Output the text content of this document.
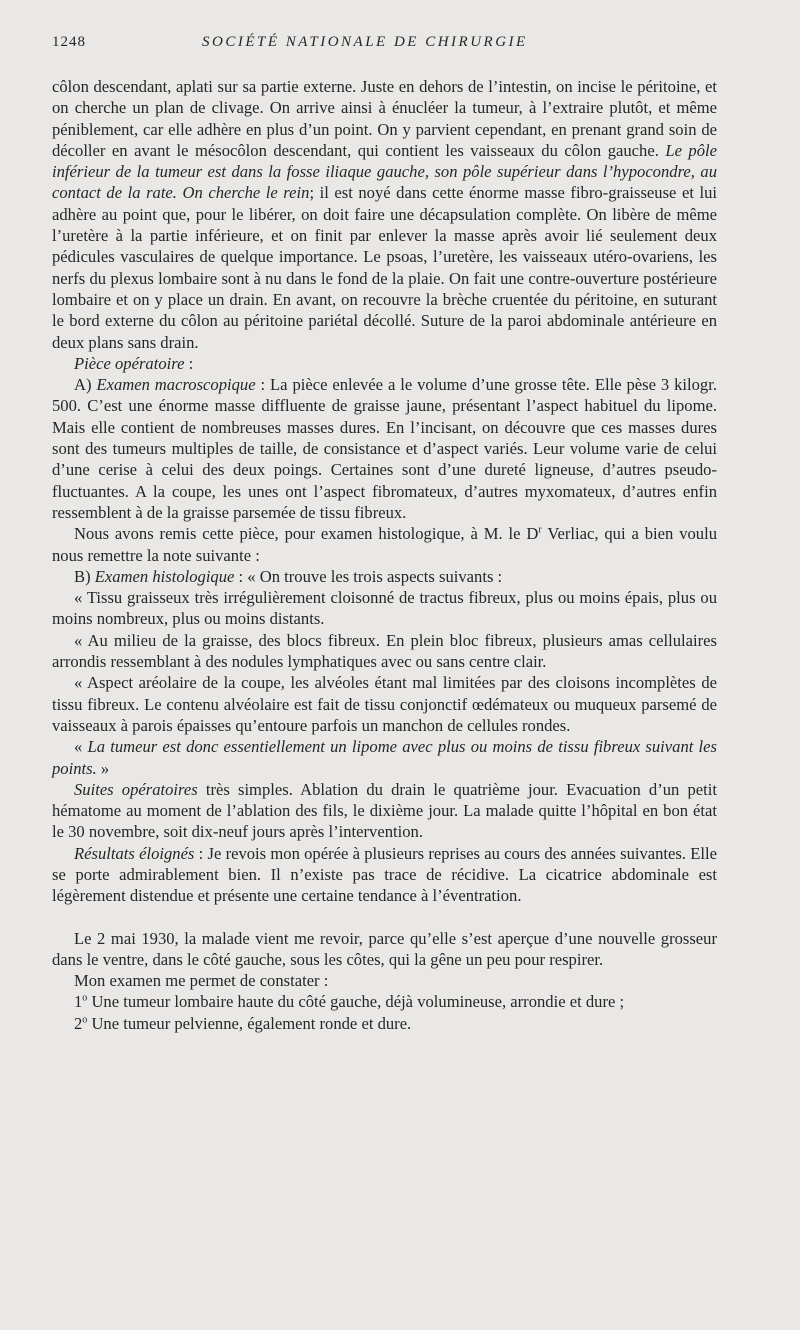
1248	SOCIÉTÉ NATIONALE DE CHIRURGIE

côlon descendant, aplati sur sa partie externe. Juste en dehors de l’intestin, on incise le péritoine, et on cherche un plan de clivage. On arrive ainsi à énucléer la tumeur, à l’extraire plutôt, et même péniblement, car elle adhère en plus d’un point. On y parvient cependant, en prenant grand soin de décoller en avant le mésocôlon descendant, qui contient les vaisseaux du côlon gauche. Le pôle inférieur de la tumeur est dans la fosse iliaque gauche, son pôle supérieur dans l’hypocondre, au contact de la rate. On cherche le rein; il est noyé dans cette énorme masse fibro-graisseuse et lui adhère au point que, pour le libérer, on doit faire une décapsulation complète. On libère de même l’uretère à la partie inférieure, et on finit par enlever la masse après avoir lié seulement deux pédicules vasculaires de quelque importance. Le psoas, l’uretère, les vaisseaux utéro-ovariens, les nerfs du plexus lombaire sont à nu dans le fond de la plaie. On fait une contre-ouverture postérieure lombaire et on y place un drain. En avant, on recouvre la brèche cruentée du péritoine, en suturant le bord externe du côlon au péritoine pariétal décollé. Suture de la paroi abdominale antérieure en deux plans sans drain.

Pièce opératoire :

A) Examen macroscopique : La pièce enlevée a le volume d’une grosse tête. Elle pèse 3 kilogr. 500. C’est une énorme masse diffluente de graisse jaune, présentant l’aspect habituel du lipome. Mais elle contient de nombreuses masses dures. En l’incisant, on découvre que ces masses dures sont des tumeurs multiples de taille, de consistance et d’aspect variés. Leur volume varie de celui d’une cerise à celui des deux poings. Certaines sont d’une dureté ligneuse, d’autres pseudo-fluctuantes. A la coupe, les unes ont l’aspect fibromateux, d’autres myxomateux, d’autres enfin ressemblent à de la graisse parsemée de tissu fibreux.

Nous avons remis cette pièce, pour examen histologique, à M. le $D^r$ Verliac, qui a bien voulu nous remettre la note suivante :

B) Examen histologique : « On trouve les trois aspects suivants :

« Tissu graisseux très irrégulièrement cloisonné de tractus fibreux, plus ou moins épais, plus ou moins nombreux, plus ou moins distants.

« Au milieu de la graisse, des blocs fibreux. En plein bloc fibreux, plusieurs amas cellulaires arrondis ressemblant à des nodules lymphatiques avec ou sans centre clair.

« Aspect aréolaire de la coupe, les alvéoles étant mal limitées par des cloisons incomplètes de tissu fibreux. Le contenu alvéolaire est fait de tissu conjonctif œdémateux ou muqueux parsemé de vaisseaux à parois épaisses qu’entoure parfois un manchon de cellules rondes.

« La tumeur est donc essentiellement un lipome avec plus ou moins de tissu fibreux suivant les points. »

Suites opératoires très simples. Ablation du drain le quatrième jour. Evacuation d’un petit hématome au moment de l’ablation des fils, le dixième jour. La malade quitte l’hôpital en bon état le 30 novembre, soit dix-neuf jours après l’intervention.

Résultats éloignés : Je revois mon opérée à plusieurs reprises au cours des années suivantes. Elle se porte admirablement bien. Il n’existe pas trace de récidive. La cicatrice abdominale est légèrement distendue et présente une certaine tendance à l’éventration.

Le 2 mai 1930, la malade vient me revoir, parce qu’elle s’est aperçue d’une nouvelle grosseur dans le ventre, dans le côté gauche, sous les côtes, qui la gêne un peu pour respirer.

Mon examen me permet de constater :

1$^o$ Une tumeur lombaire haute du côté gauche, déjà volumineuse, arrondie et dure ;

2$^o$ Une tumeur pelvienne, également ronde et dure.
